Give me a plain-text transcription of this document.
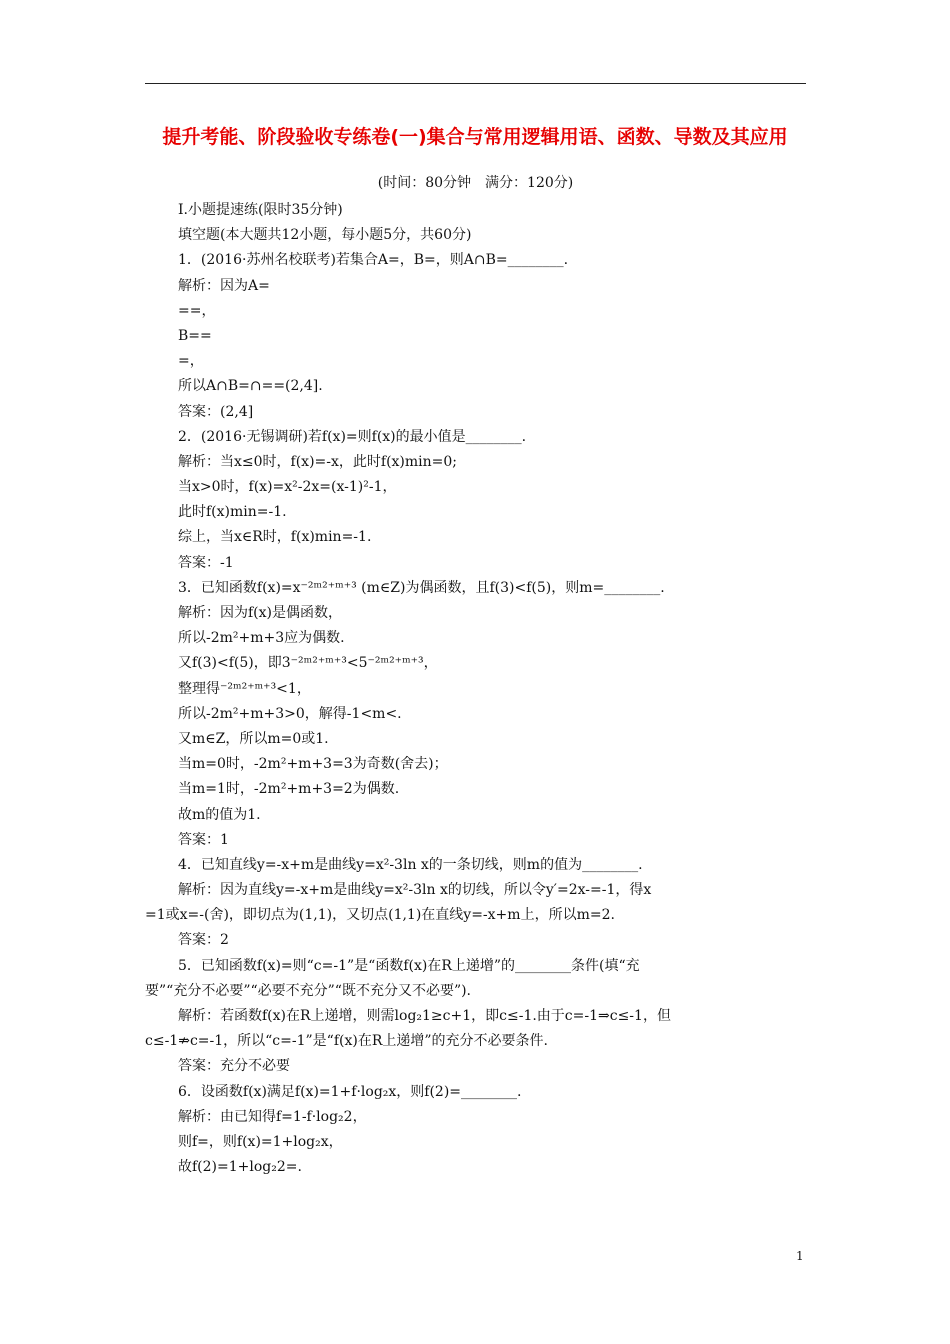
提升考能、阶段验收专练卷(一)集合与常用逻辑用语、函数、导数及其应用
(时间：80分钟　满分：120分)
Ⅰ.小题提速练(限时35分钟)
填空题(本大题共12小题，每小题5分，共60分)
1．(2016·苏州名校联考)若集合A=，B=，则A∩B=________.
解析：因为A=
==，
B==
=，
所以A∩B=∩==(2,4].
答案：(2,4]
2．(2016·无锡调研)若f(x)=则f(x)的最小值是________.
解析：当x≤0时，f(x)=-x，此时f(x)min=0;
当x>0时，f(x)=x²-2x=(x-1)²-1，
此时f(x)min=-1.
综上，当x∈R时，f(x)min=-1.
答案：-1
3．已知函数f(x)=x⁻²ᵐ²⁺ᵐ⁺³ (m∈Z)为偶函数，且f(3)<f(5)，则m=________.
解析：因为f(x)是偶函数，
所以-2m²+m+3应为偶数.
又f(3)<f(5)，即3⁻²ᵐ²⁺ᵐ⁺³<5⁻²ᵐ²⁺ᵐ⁺³，
整理得⁻²ᵐ²⁺ᵐ⁺³<1，
所以-2m²+m+3>0，解得-1<m<.
又m∈Z，所以m=0或1.
当m=0时，-2m²+m+3=3为奇数(舍去)；
当m=1时，-2m²+m+3=2为偶数.
故m的值为1.
答案：1
4．已知直线y=-x+m是曲线y=x²-3ln x的一条切线，则m的值为________.
解析：因为直线y=-x+m是曲线y=x²-3ln x的切线，所以令y′=2x-=-1，得x
=1或x=-(舍)，即切点为(1,1)，又切点(1,1)在直线y=-x+m上，所以m=2.
答案：2
5．已知函数f(x)=则“c=-1”是“函数f(x)在R上递增”的________条件(填“充
要”“充分不必要”“必要不充分”“既不充分又不必要”).
解析：若函数f(x)在R上递增，则需log₂1≥c+1，即c≤-1.由于c=-1⇒c≤-1，但
c≤-1⇏c=-1，所以“c=-1”是“f(x)在R上递增”的充分不必要条件.
答案：充分不必要
6．设函数f(x)满足f(x)=1+f·log₂x，则f(2)=________.
解析：由已知得f=1-f·log₂2，
则f=，则f(x)=1+log₂x，
故f(2)=1+log₂2=.
1
